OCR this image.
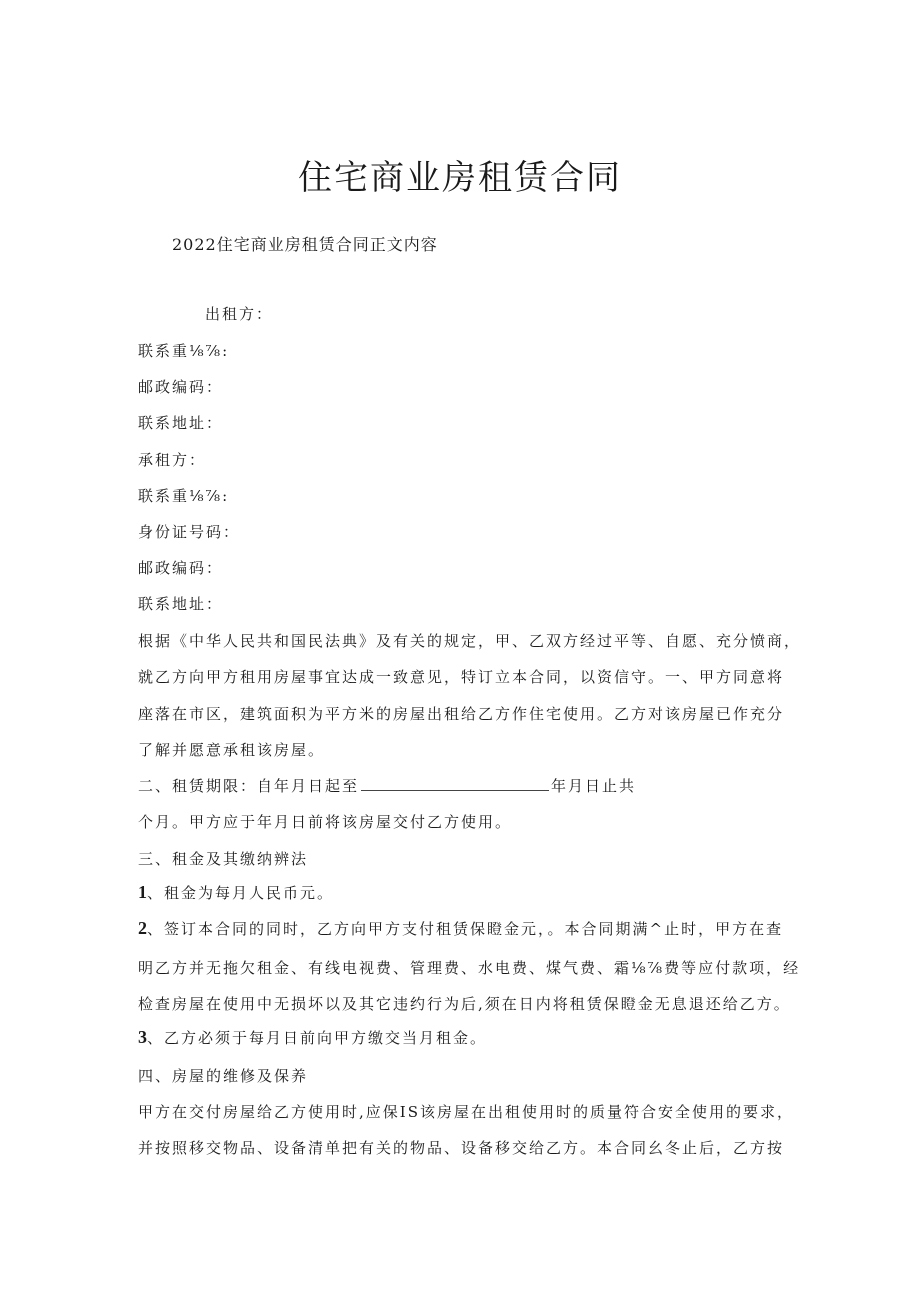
住宅商业房租赁合同
2022住宅商业房租赁合同正文内容
出租方：
联系重⅛⅞:
邮政编码：
联系地址：
承租方：
联系重⅛⅞:
身份证号码：
邮政编码：
联系地址：
根据《中华人民共和国民法典》及有关的规定，甲、乙双方经过平等、自愿、充分愤商，
就乙方向甲方租用房屋事宜达成一致意见，特订立本合同，以资信守。一、甲方同意将
座落在市区，建筑面积为平方米的房屋出租给乙方作住宅使用。乙方对该房屋已作充分
了解并愿意承租该房屋。
二、租赁期限：自年月日起至	年月日止共
个月。甲方应于年月日前将该房屋交付乙方使用。
三、租金及其缴纳辨法
1、租金为每月人民币元。
2、签订本合同的同时，乙方向甲方支付租赁保瞪金元，。本合同期满^止时，甲方在查
明乙方并无拖欠租金、有线电视费、管理费、水电费、煤气费、霜⅛⅞费等应付款项，经
检查房屋在使用中无损坏以及其它违约行为后,须在日内将租赁保瞪金无息退还给乙方。
3、乙方必须于每月日前向甲方缴交当月租金。
四、房屋的维修及保养
甲方在交付房屋给乙方使用时,应保IS该房屋在出租使用时的质量符合安全使用的要求，
并按照移交物品、设备清单把有关的物品、设备移交给乙方。本合同幺冬止后，乙方按
